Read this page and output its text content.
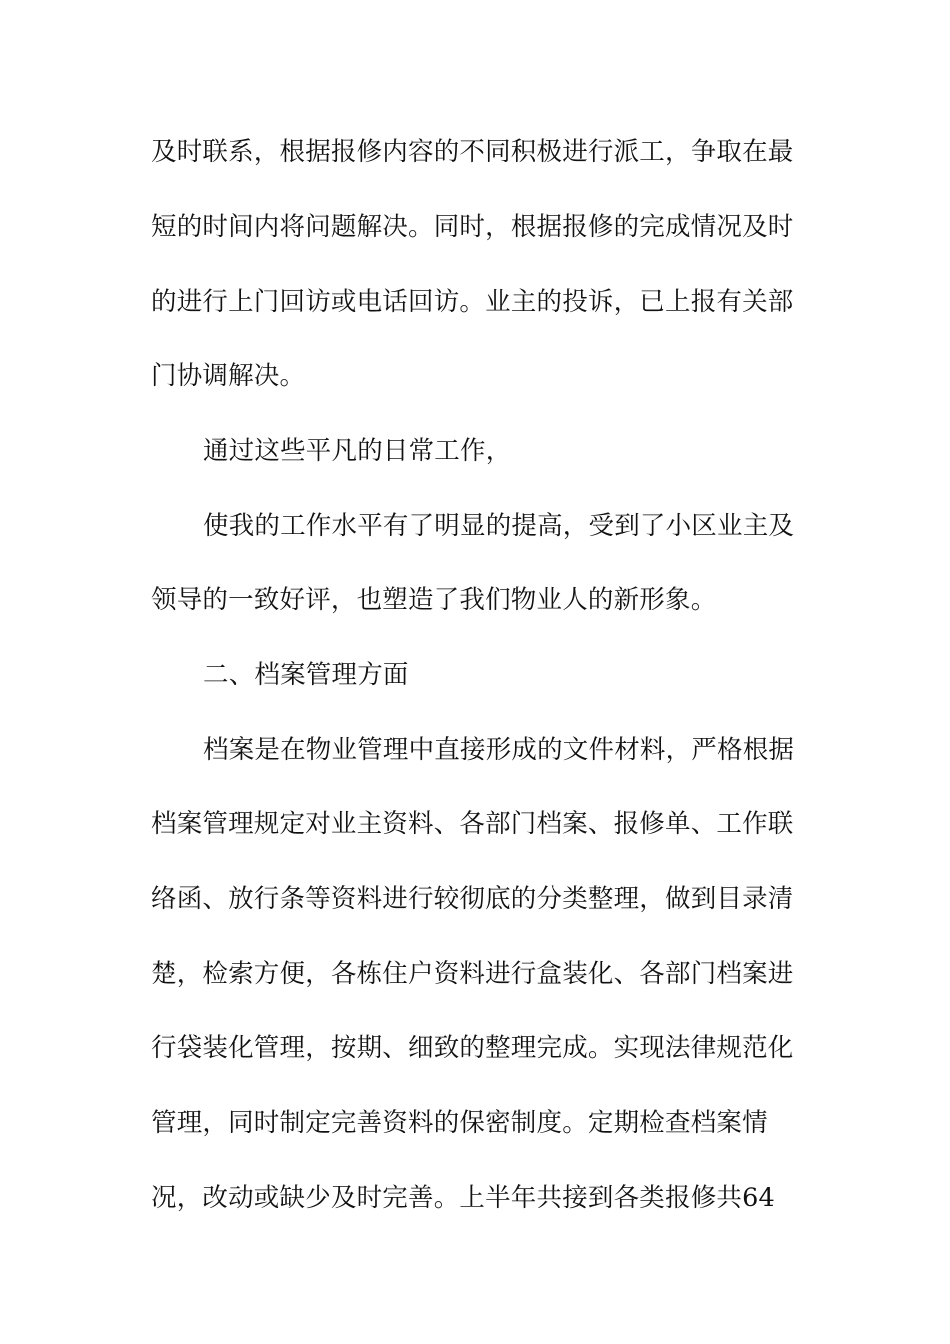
及时联系，根据报修内容的不同积极进行派工，争取在最
短的时间内将问题解决。同时，根据报修的完成情况及时
的进行上门回访或电话回访。业主的投诉，已上报有关部
门协调解决。
通过这些平凡的日常工作，
使我的工作水平有了明显的提高，受到了小区业主及
领导的一致好评，也塑造了我们物业人的新形象。
二、档案管理方面
档案是在物业管理中直接形成的文件材料，严格根据
档案管理规定对业主资料、各部门档案、报修单、工作联
络函、放行条等资料进行较彻底的分类整理，做到目录清
楚，检索方便，各栋住户资料进行盒装化、各部门档案进
行袋装化管理，按期、细致的整理完成。实现法律规范化
管理，同时制定完善资料的保密制度。定期检查档案情
况，改动或缺少及时完善。上半年共接到各类报修共64
